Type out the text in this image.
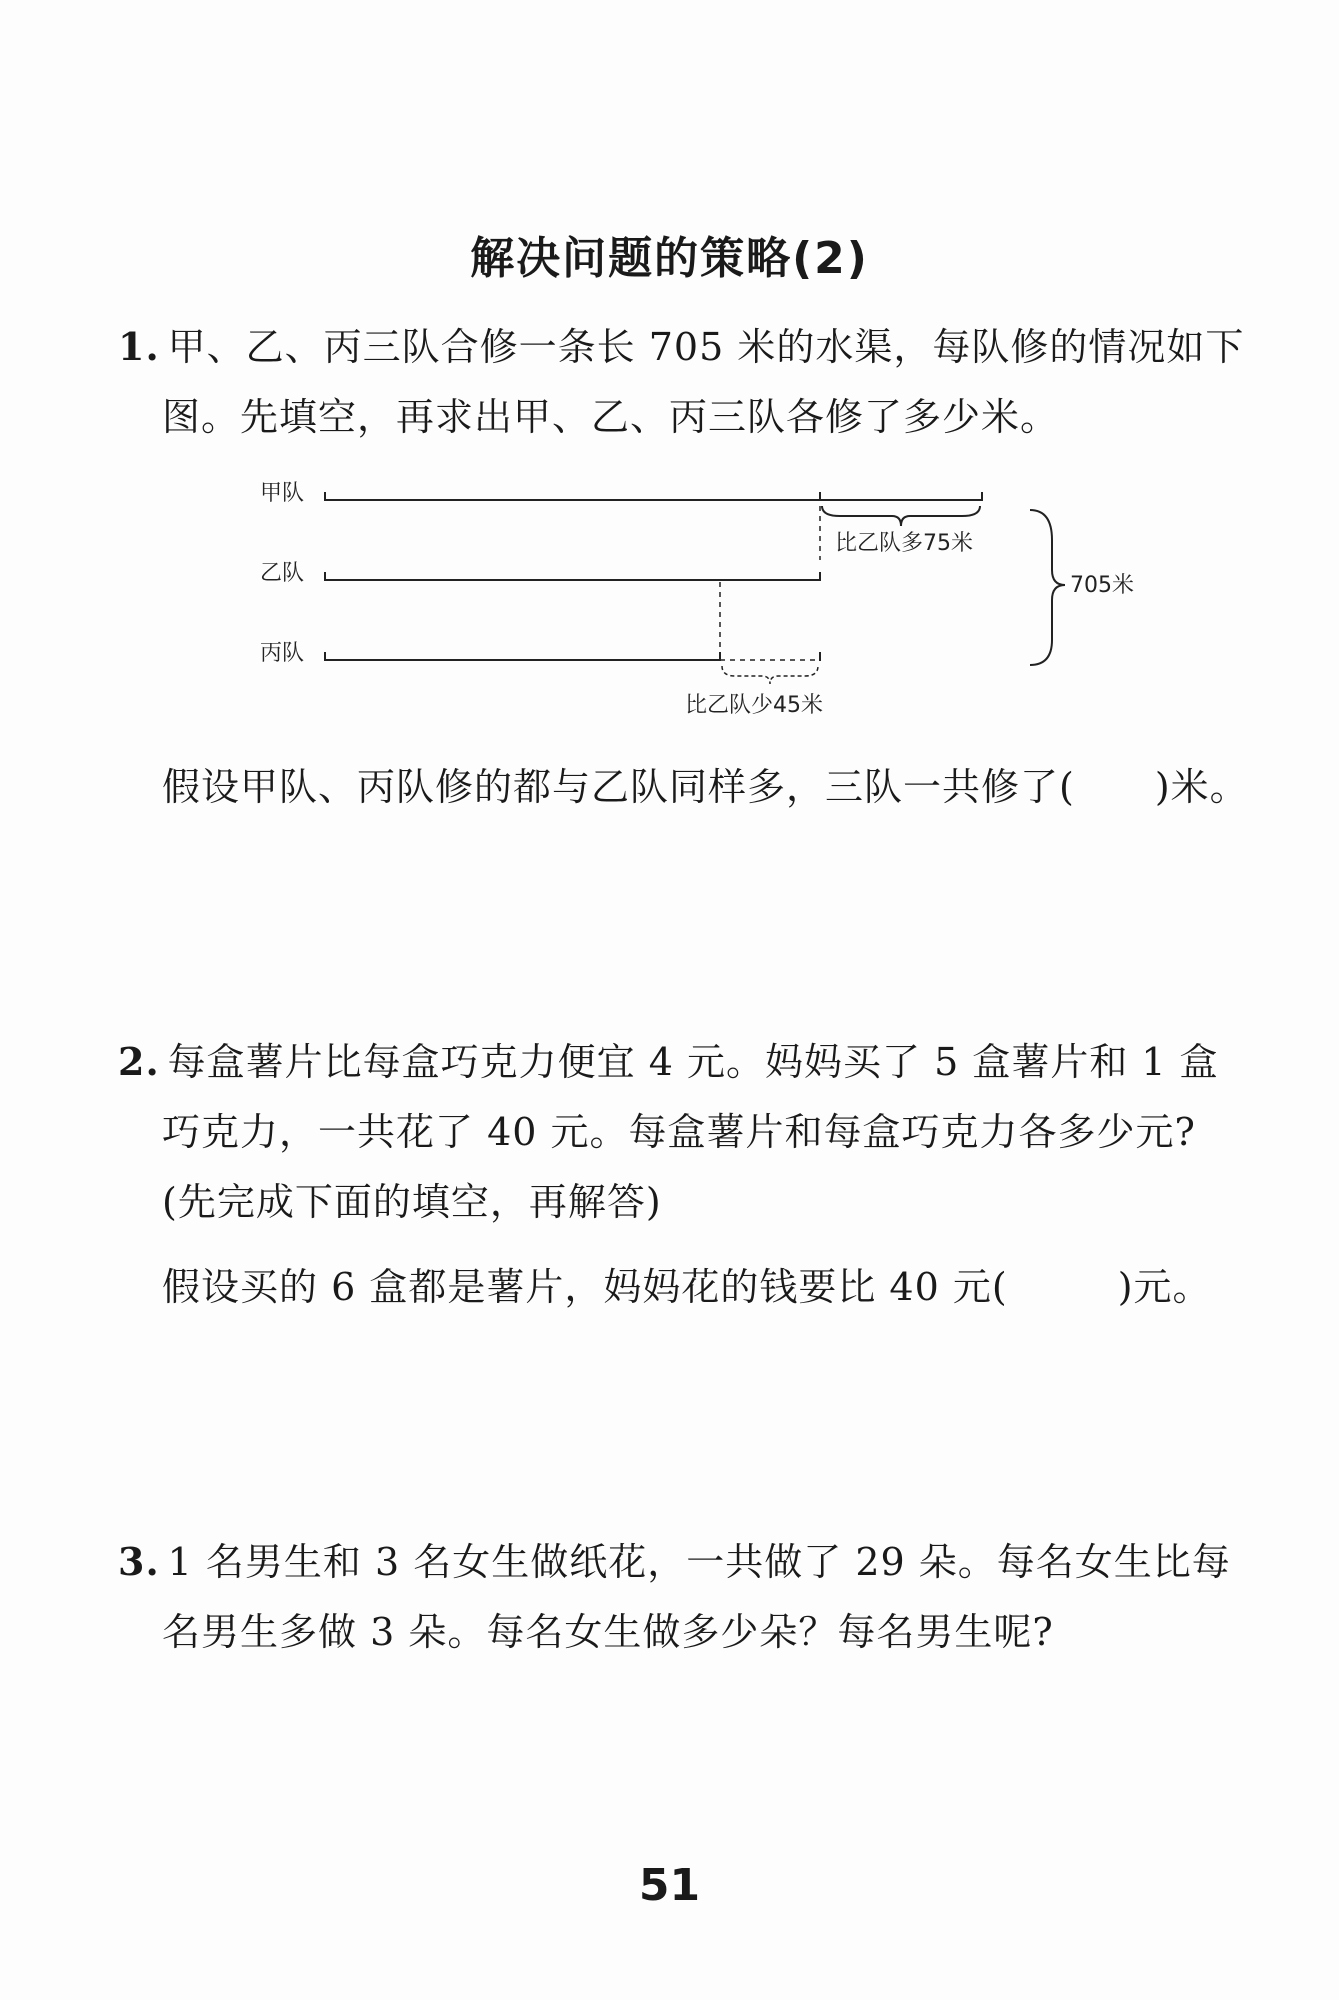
解决问题的策略(2)
1. 甲、乙、丙三队合修一条长 705 米的水渠，每队修的情况如下
图。先填空，再求出甲、乙、丙三队各修了多少米。
甲队
乙队
丙队
比乙队多75米
比乙队少45米
705米
假设甲队、丙队修的都与乙队同样多，三队一共修了( )米。
2. 每盒薯片比每盒巧克力便宜 4 元。妈妈买了 5 盒薯片和 1 盒
巧克力，一共花了 40 元。每盒薯片和每盒巧克力各多少元?
(先完成下面的填空，再解答)
假设买的 6 盒都是薯片，妈妈花的钱要比 40 元(	)元。
3. 1 名男生和 3 名女生做纸花，一共做了 29 朵。每名女生比每
名男生多做 3 朵。每名女生做多少朵？每名男生呢?
51
